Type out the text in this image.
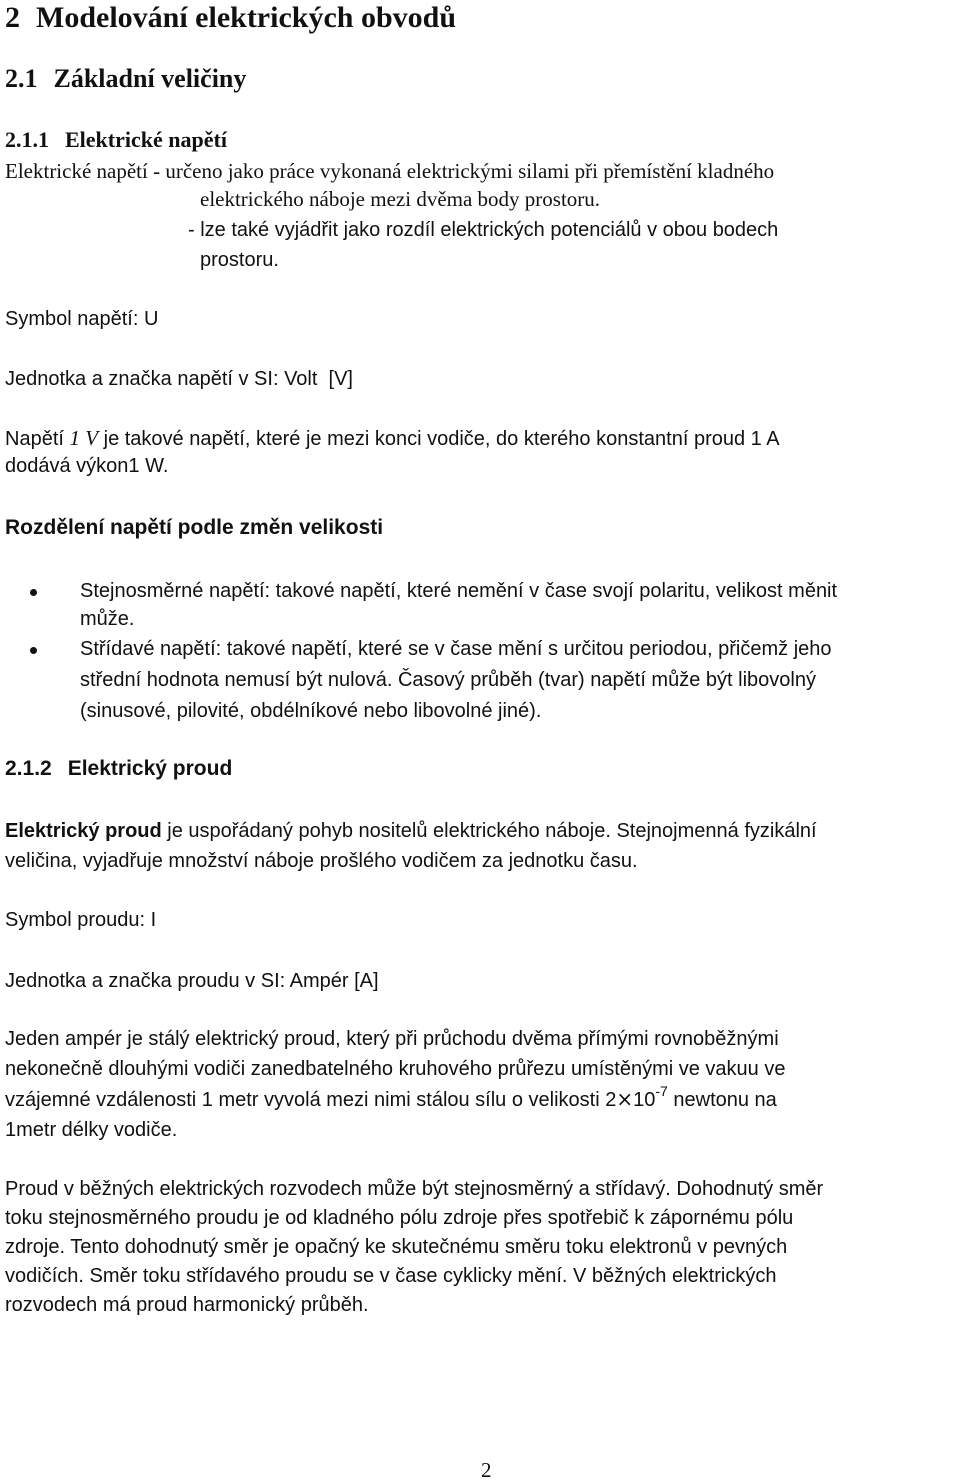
2 Modelování elektrických obvodů
2.1 Základní veličiny
2.1.1 Elektrické napětí
Elektrické napětí - určeno jako práce vykonaná elektrickými silami při přemístění kladného
elektrického náboje mezi dvěma body prostoru.
- lze také vyjádřit jako rozdíl elektrických potenciálů v obou bodech
prostoru.
Symbol napětí: U
Jednotka a značka napětí v SI: Volt  [V]
Napětí 1 V je takové napětí, které je mezi konci vodiče, do kterého konstantní proud 1 A
dodává výkon1 W.
Rozdělení napětí podle změn velikosti
Stejnosměrné napětí: takové napětí, které nemění v čase svojí polaritu, velikost měnit
může.
Střídavé napětí: takové napětí, které se v čase mění s určitou periodou, přičemž jeho
střední hodnota nemusí být nulová. Časový průběh (tvar) napětí může být libovolný
(sinusové, pilovité, obdélníkové nebo libovolné jiné).
2.1.2 Elektrický proud
Elektrický proud je uspořádaný pohyb nositelů elektrického náboje. Stejnojmenná fyzikální
veličina, vyjadřuje množství náboje prošlého vodičem za jednotku času.
Symbol proudu: I
Jednotka a značka proudu v SI: Ampér [A]
Jeden ampér je stálý elektrický proud, který při průchodu dvěma přímými rovnoběžnými
nekonečně dlouhými vodiči zanedbatelného kruhového průřezu umístěnými ve vakuu ve
vzájemné vzdálenosti 1 metr vyvolá mezi nimi stálou sílu o velikosti $2\times 10^{-7}$ newtonu na
1metr délky vodiče.
Proud v běžných elektrických rozvodech může být stejnosměrný a střídavý. Dohodnutý směr
toku stejnosměrného proudu je od kladného pólu zdroje přes spotřebič k zápornému pólu
zdroje. Tento dohodnutý směr je opačný ke skutečnému směru toku elektronů v pevných
vodičích. Směr toku střídavého proudu se v čase cyklicky mění. V běžných elektrických
rozvodech má proud harmonický průběh.
2
